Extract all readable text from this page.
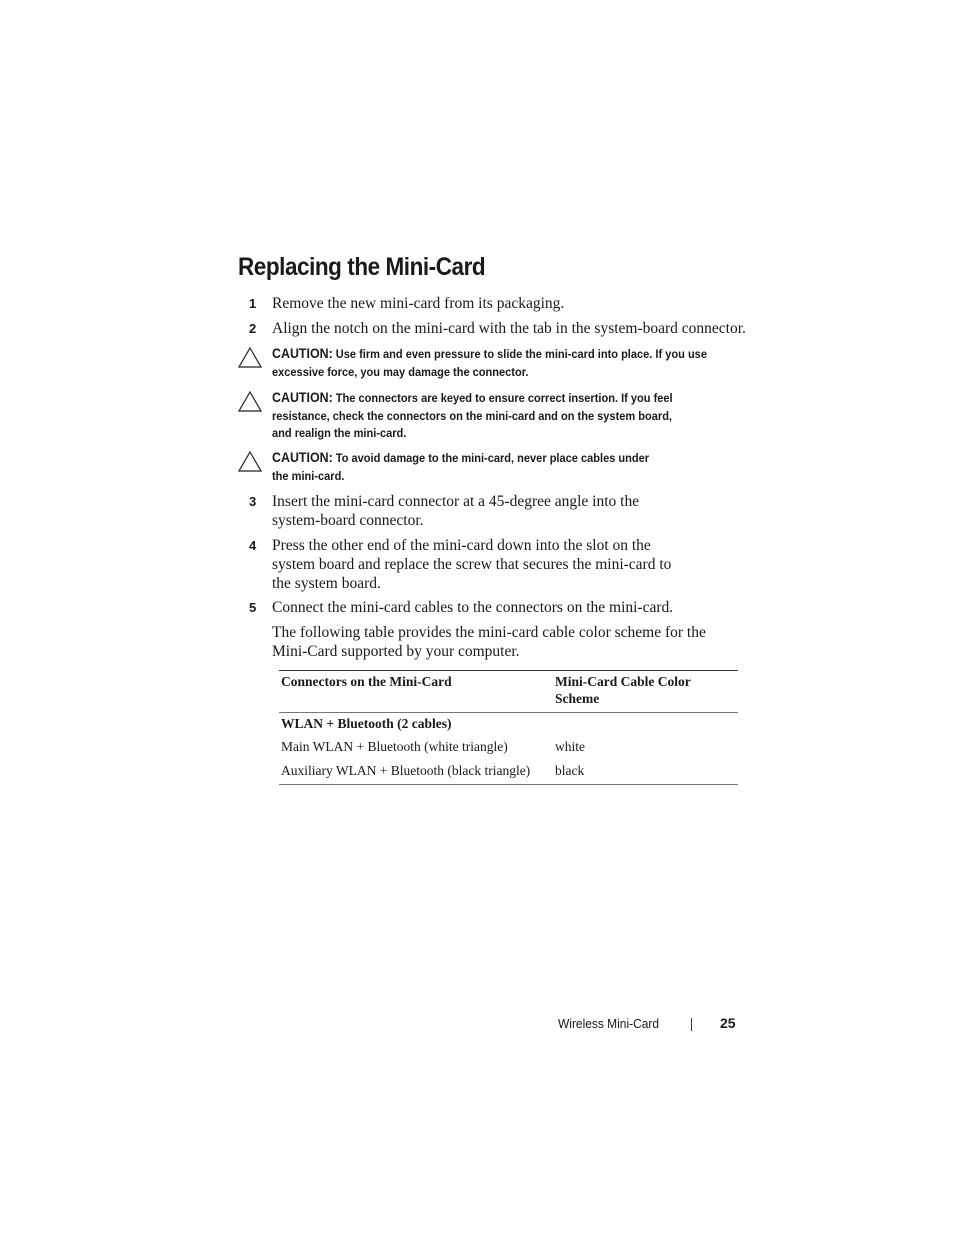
Replacing the Mini-Card
1 Remove the new mini-card from its packaging.
2 Align the notch on the mini-card with the tab in the system-board connector.
CAUTION: Use firm and even pressure to slide the mini-card into place. If you use
excessive force, you may damage the connector.
CAUTION: The connectors are keyed to ensure correct insertion. If you feel
resistance, check the connectors on the mini-card and on the system board,
and realign the mini-card.
CAUTION: To avoid damage to the mini-card, never place cables under
the mini-card.
3 Insert the mini-card connector at a 45-degree angle into the
system-board connector.
4 Press the other end of the mini-card down into the slot on the
system board and replace the screw that secures the mini-card to
the system board.
5 Connect the mini-card cables to the connectors on the mini-card.
The following table provides the mini-card cable color scheme for the
Mini-Card supported by your computer.
Connectors on the Mini-Card	Mini-Card Cable Color
Scheme
WLAN + Bluetooth (2 cables)
Main WLAN + Bluetooth (white triangle)	white
Auxiliary WLAN + Bluetooth (black triangle) black
Wireless Mini-Card	25
